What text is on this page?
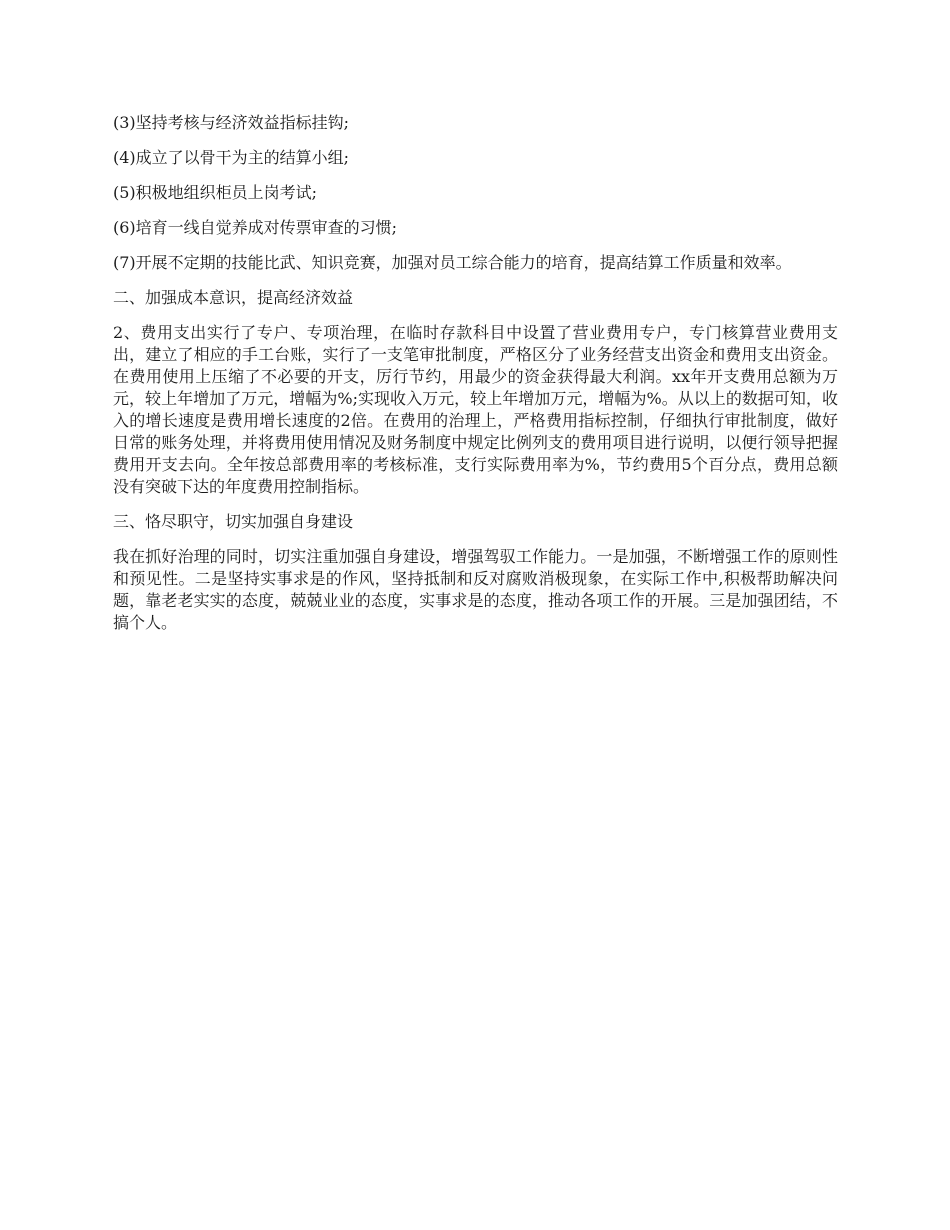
(3)坚持考核与经济效益指标挂钩;

(4)成立了以骨干为主的结算小组;

(5)积极地组织柜员上岗考试;

(6)培育一线自觉养成对传票审查的习惯;

(7)开展不定期的技能比武、知识竞赛，加强对员工综合能力的培育，提高结算工作质量和效率。

二、加强成本意识，提高经济效益

2、费用支出实行了专户、专项治理，在临时存款科目中设置了营业费用专户，专门核算营业费用支出，建立了相应的手工台账，实行了一支笔审批制度，严格区分了业务经营支出资金和费用支出资金。在费用使用上压缩了不必要的开支，厉行节约，用最少的资金获得最大利润。xx年开支费用总额为万元，较上年增加了万元，增幅为%;实现收入万元，较上年增加万元，增幅为%。从以上的数据可知，收入的增长速度是费用增长速度的2倍。在费用的治理上，严格费用指标控制，仔细执行审批制度，做好日常的账务处理，并将费用使用情况及财务制度中规定比例列支的费用项目进行说明，以便行领导把握费用开支去向。全年按总部费用率的考核标准，支行实际费用率为%，节约费用5个百分点，费用总额没有突破下达的年度费用控制指标。

三、恪尽职守，切实加强自身建设

我在抓好治理的同时，切实注重加强自身建设，增强驾驭工作能力。一是加强，不断增强工作的原则性和预见性。二是坚持实事求是的作风，坚持抵制和反对腐败消极现象，在实际工作中,积极帮助解决问题，靠老老实实的态度，兢兢业业的态度，实事求是的态度，推动各项工作的开展。三是加强团结，不搞个人。
